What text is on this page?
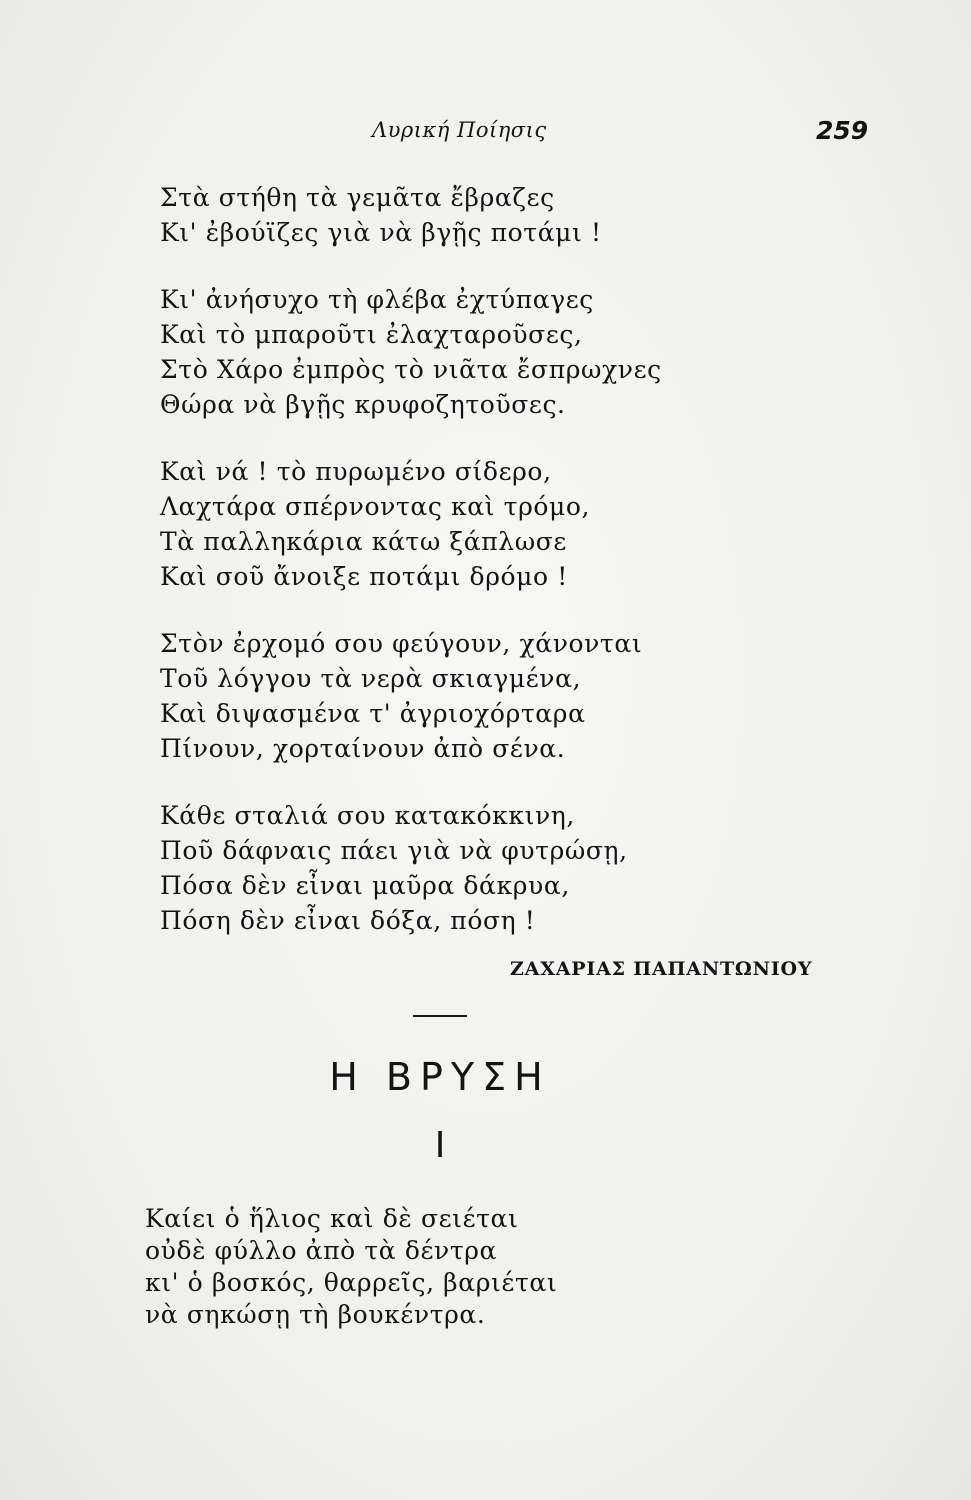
Λυρική Ποίησις	259
Στὰ στήθη τὰ γεμᾶτα ἔβραζες
Κι' ἐβούϊζες γιὰ νὰ βγῇς ποτάμι !
Κι' ἀνήσυχο τὴ φλέβα ἐχτύπαγες
Καὶ τὸ μπαροῦτι ἐλαχταροῦσες,
Στὸ Χάρο ἐμπρὸς τὸ νιᾶτα ἔσπρωχνες
Θώρα νὰ βγῇς κρυφοζητοῦσες.
Καὶ νά ! τὸ πυρωμένο σίδερο,
Λαχτάρα σπέρνοντας καὶ τρόμο,
Τὰ παλληκάρια κάτω ξάπλωσε
Καὶ σοῦ ἄνοιξε ποτάμι δρόμο !
Στὸν ἐρχομό σου φεύγουν, χάνονται
Τοῦ λόγγου τὰ νερὰ σκιαγμένα,
Καὶ διψασμένα τ' ἀγριοχόρταρα
Πίνουν, χορταίνουν ἀπὸ σένα.
Κάθε σταλιά σου κατακόκκινη,
Ποῦ δάφναις πάει γιὰ νὰ φυτρώσῃ,
Πόσα δὲν εἶναι μαῦρα δάκρυα,
Πόση δὲν εἶναι δόξα, πόση !
ΖΑΧΑΡΙΑΣ ΠΑΠΑΝΤΩΝΙΟΥ
Η ΒΡΥΣΗ
Ι
Καίει ὁ ἥλιος καὶ δὲ σειέται
οὐδὲ φύλλο ἀπὸ τὰ δέντρα
κι' ὁ βοσκός, θαρρεῖς, βαριέται
νὰ σηκώσῃ τὴ βουκέντρα.
